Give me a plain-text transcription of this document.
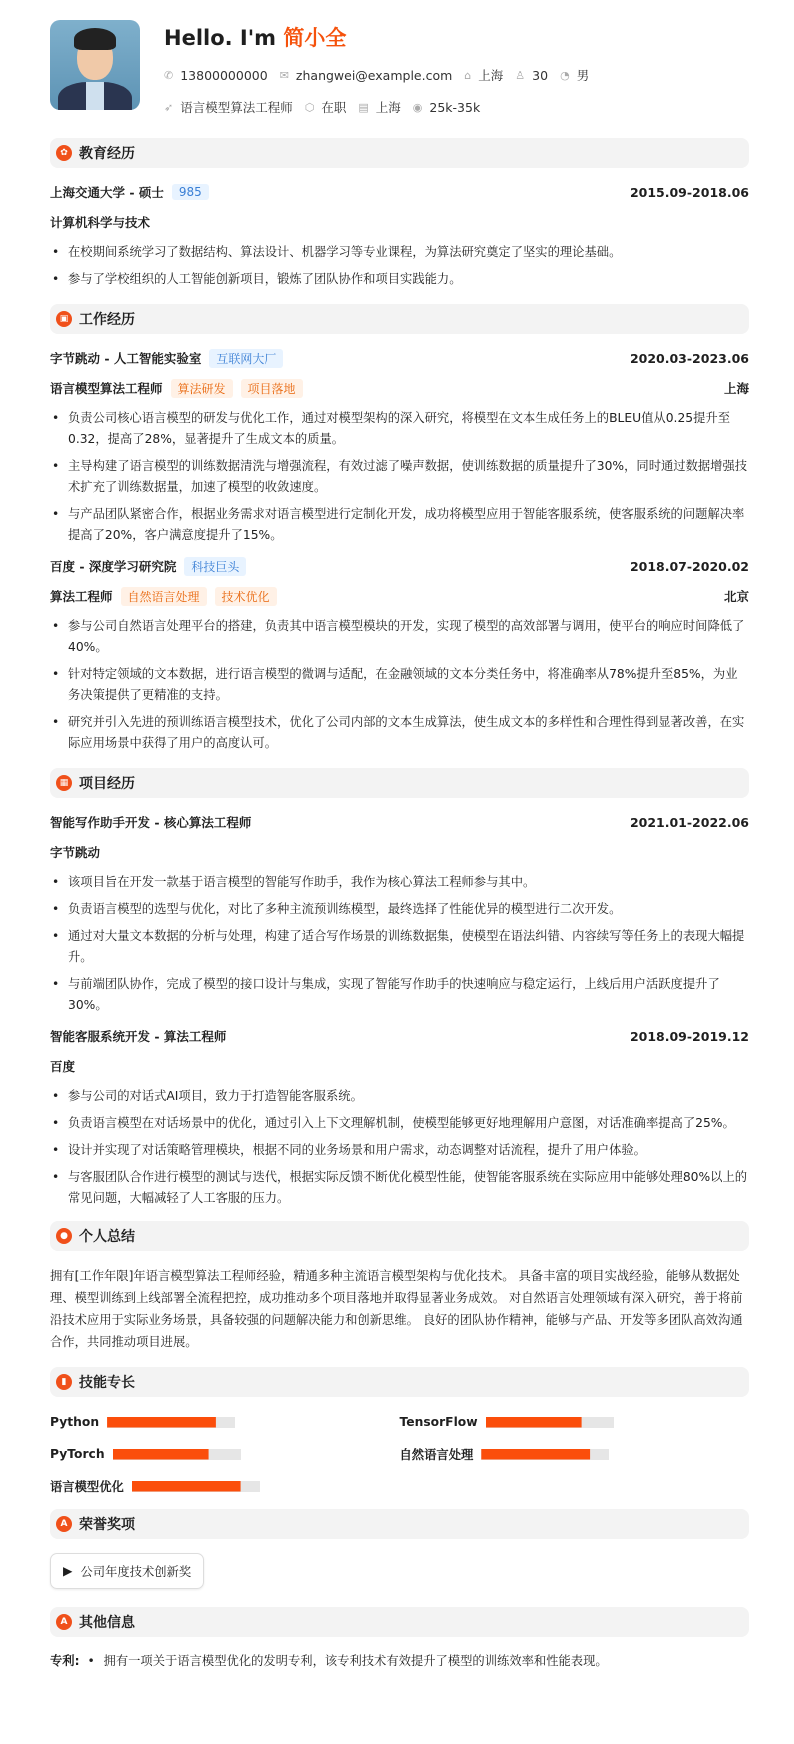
Hello. I'm 简小全
✆ 13800000000 ✉ zhangwei@example.com ⌂ 上海 ♙ 30 ◔ 男
➶ 语言模型算法工程师 ⬡ 在职 ▤ 上海 ◉ 25k-35k
✿ 教育经历
上海交通大学 - 硕士	985	2015.09-2018.06
计算机科学与技术
• 在校期间系统学习了数据结构、算法设计、机器学习等专业课程，为算法研究奠定了坚实的理论基础。
• 参与了学校组织的人工智能创新项目，锻炼了团队协作和项目实践能力。
▣ 工作经历
字节跳动 - 人工智能实验室	互联网大厂	2020.03-2023.06
语言模型算法工程师	算法研发	项目落地	上海
• 负责公司核心语言模型的研发与优化工作，通过对模型架构的深入研究，将模型在文本生成任务上的BLEU值从0.25提升至0.32，提高了28%，显著提升了生成文本的质量。
• 主导构建了语言模型的训练数据清洗与增强流程，有效过滤了噪声数据，使训练数据的质量提升了30%，同时通过数据增强技术扩充了训练数据量，加速了模型的收敛速度。
• 与产品团队紧密合作，根据业务需求对语言模型进行定制化开发，成功将模型应用于智能客服系统，使客服系统的问题解决率提高了20%，客户满意度提升了15%。
百度 - 深度学习研究院	科技巨头	2018.07-2020.02
算法工程师	自然语言处理	技术优化	北京
• 参与公司自然语言处理平台的搭建，负责其中语言模型模块的开发，实现了模型的高效部署与调用，使平台的响应时间降低了40%。
• 针对特定领域的文本数据，进行语言模型的微调与适配，在金融领域的文本分类任务中，将准确率从78%提升至85%，为业务决策提供了更精准的支持。
• 研究并引入先进的预训练语言模型技术，优化了公司内部的文本生成算法，使生成文本的多样性和合理性得到显著改善，在实际应用场景中获得了用户的高度认可。
▦ 项目经历
智能写作助手开发 - 核心算法工程师	2021.01-2022.06
字节跳动
• 该项目旨在开发一款基于语言模型的智能写作助手，我作为核心算法工程师参与其中。
• 负责语言模型的选型与优化，对比了多种主流预训练模型，最终选择了性能优异的模型进行二次开发。
• 通过对大量文本数据的分析与处理，构建了适合写作场景的训练数据集，使模型在语法纠错、内容续写等任务上的表现大幅提升。
• 与前端团队协作，完成了模型的接口设计与集成，实现了智能写作助手的快速响应与稳定运行，上线后用户活跃度提升了30%。
智能客服系统开发 - 算法工程师	2018.09-2019.12
百度
• 参与公司的对话式AI项目，致力于打造智能客服系统。
• 负责语言模型在对话场景中的优化，通过引入上下文理解机制，使模型能够更好地理解用户意图，对话准确率提高了25%。
• 设计并实现了对话策略管理模块，根据不同的业务场景和用户需求，动态调整对话流程，提升了用户体验。
• 与客服团队合作进行模型的测试与迭代，根据实际反馈不断优化模型性能，使智能客服系统在实际应用中能够处理80%以上的常见问题，大幅减轻了人工客服的压力。
● 个人总结

拥有[工作年限]年语言模型算法工程师经验，精通多种主流语言模型架构与优化技术。 具备丰富的项目实战经验，能够从数据处理、模型训练到上线部署全流程把控，成功推动多个项目落地并取得显著业务成效。 对自然语言处理领域有深入研究，善于将前沿技术应用于实际业务场景，具备较强的问题解决能力和创新思维。 良好的团队协作精神，能够与产品、开发等多团队高效沟通合作，共同推动项目进展。

▮ 技能专长
Python	TensorFlow
PyTorch	自然语言处理
语言模型优化
A 荣誉奖项
▶ 公司年度技术创新奖
A 其他信息
专利:	• 拥有一项关于语言模型优化的发明专利，该专利技术有效提升了模型的训练效率和性能表现。
